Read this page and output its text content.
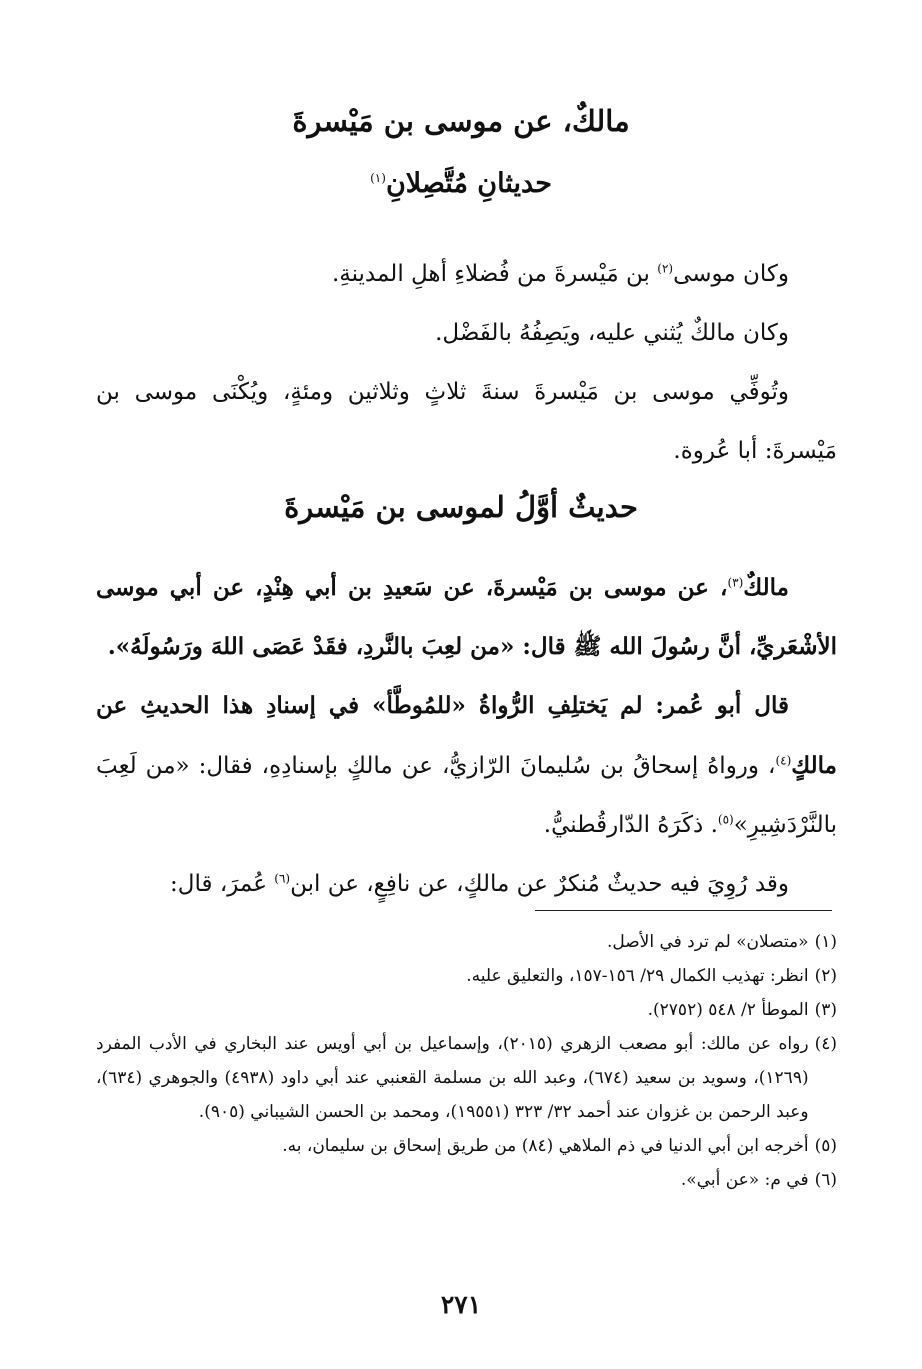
مالكٌ، عن موسى بن مَيْسرةَ
حديثانِ مُتَّصِلانِ$^{(١)}$

وكان موسى$^{(٢)}$ بن مَيْسرةَ من فُضلاءِ أهلِ المدينةِ.

وكان مالكٌ يُثني عليه، ويَصِفُهُ بالفَضْل.

وتُوفِّي موسى بن مَيْسرةَ سنةَ ثلاثٍ وثلاثين ومئةٍ، ويُكْنَى موسى بن مَيْسرةَ: أبا عُروة.

حديثٌ أوَّلُ لموسى بن مَيْسرةَ

مالكٌ$^{(٣)}$، عن موسى بن مَيْسرةَ، عن سَعيدِ بن أبي هِنْدٍ، عن أبي موسى الأشْعَريِّ، أنَّ رسُولَ الله ﷺ قال: «من لعِبَ بالنَّردِ، فقَدْ عَصَى اللهَ ورَسُولَهُ».

قال أبو عُمر: لم يَختلِفِ الرُّواةُ «للمُوطَّأ» في إسنادِ هذا الحديثِ عن مالكٍ$^{(٤)}$، ورواهُ إسحاقُ بن سُليمانَ الرّازيُّ، عن مالكٍ بإسنادِهِ، فقال: «من لَعِبَ بالنَّرْدَشِيرِ»$^{(٥)}$. ذكَرَهُ الدّارقُطنيُّ.

وقد رُوِيَ فيه حديثٌ مُنكرٌ عن مالكٍ، عن نافِعٍ، عن ابن$^{(٦)}$ عُمرَ، قال:

(١)
«متصلان» لم ترد في الأصل.
(٢)
انظر: تهذيب الكمال ٢٩/ ١٥٦-١٥٧، والتعليق عليه.
(٣)
الموطأ ٢/ ٥٤٨ (٢٧٥٢).
(٤)
رواه عن مالك: أبو مصعب الزهري (٢٠١٥)، وإسماعيل بن أبي أويس عند البخاري في الأدب المفرد (١٢٦٩)، وسويد بن سعيد (٦٧٤)، وعبد الله بن مسلمة القعنبي عند أبي داود (٤٩٣٨) والجوهري (٦٣٤)، وعبد الرحمن بن غزوان عند أحمد ٣٢/ ٣٢٣ (١٩٥٥١)، ومحمد بن الحسن الشيباني (٩٠٥).
(٥)
أخرجه ابن أبي الدنيا في ذم الملاهي (٨٤) من طريق إسحاق بن سليمان، به.
(٦)
في م: «عن أبي».
٢٧١
